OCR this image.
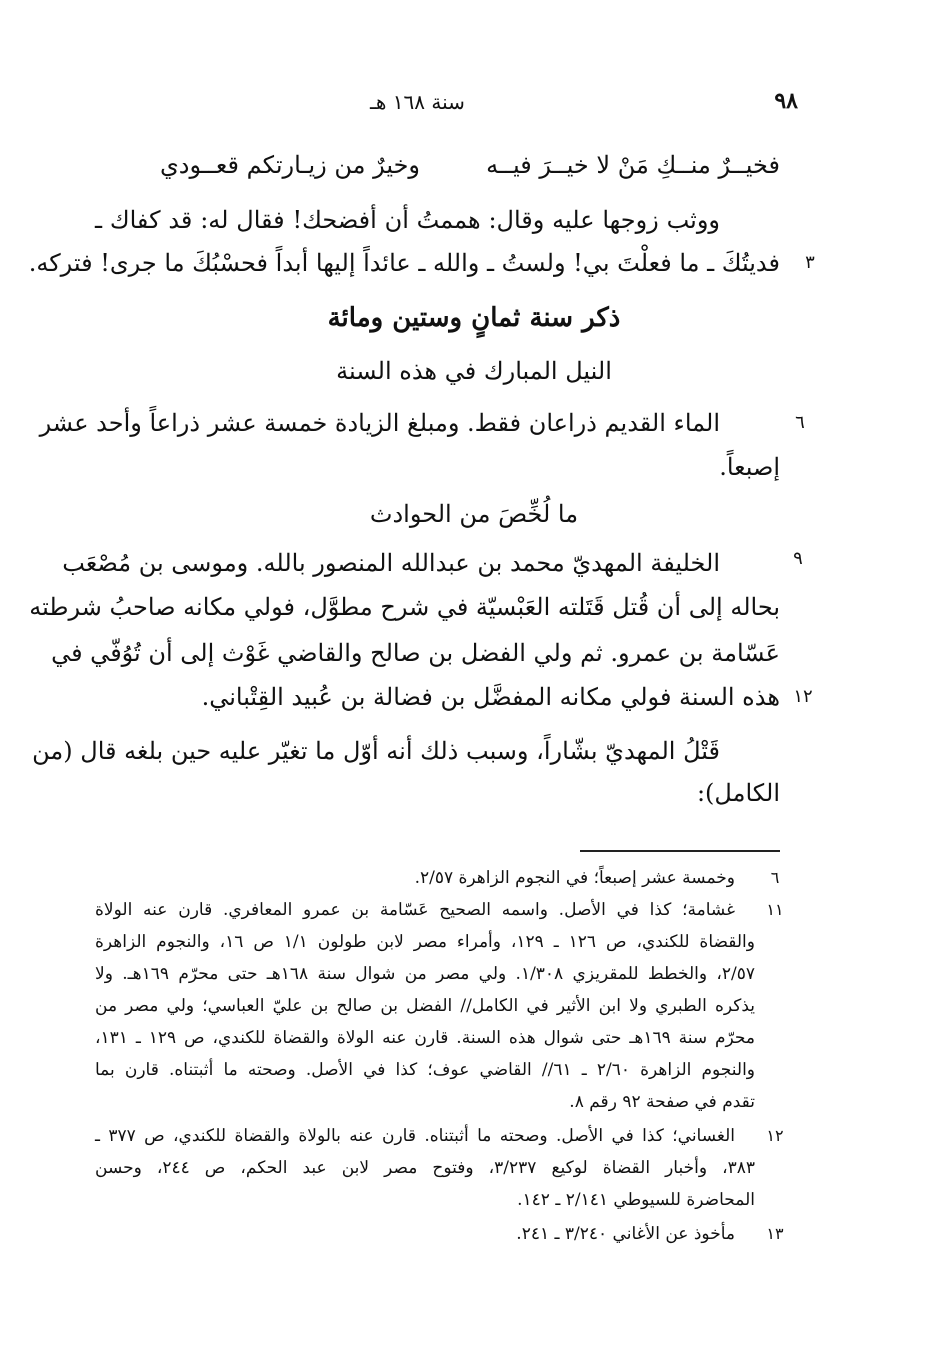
٩٨
سنة ١٦٨ هـ
وخيرٌ من زيـارتكم قعــودي	فخيــرٌ منــكِ مَنْ لا خيــرَ فيــه
ووثب زوجها عليه وقال: هممتُ أن أفضحك! فقال له: قد كفاك ـ
فديتُكَ ـ ما فعلْتَ بي! ولستُ ـ والله ـ عائداً إليها أبداً فحسْبُكَ ما جرى! فتركه.	٣
ذكر سنة ثمانٍ وستين ومائة
النيل المبارك في هذه السنة
الماء القديم ذراعان فقط. ومبلغ الزيادة خمسة عشر ذراعاً وأحد عشر	٦
إصبعاً.
ما لُخِّصَ من الحوادث
الخليفة المهديّ محمد بن عبدالله المنصور بالله. وموسى بن مُصْعَب	٩
بحاله إلى أن قُتل قَتَلته العَبْسيّة في شرح مطوَّل، فولي مكانه صاحبُ شرطته
عَسّامة بن عمرو. ثم ولي الفضل بن صالح والقاضي غَوْث إلى أن تُوُفّي في
هذه السنة فولي مكانه المفضَّل بن فضالة بن عُبيد القِتْباني. ١٢
قَتْلُ المهديّ بشّاراً، وسبب ذلك أنه أوّل ما تغيّر عليه حين بلغه قال (من
الكامل):
٦
وخمسة عشر إصبعاً؛ في النجوم الزاهرة ٢/٥٧.
١١
غشامة؛ كذا في الأصل. واسمه الصحيح عَسّامة بن عمرو المعافري. قارن عنه الولاة
والقضاة للكندي، ص ١٢٦ ـ ١٢٩، وأمراء مصر لابن طولون ١/١ ص ١٦، والنجوم الزاهرة
٢/٥٧، والخطط للمقريزي ١/٣٠٨. ولي مصر من شوال سنة ١٦٨هـ حتى محرّم ١٦٩هـ. ولا
يذكره الطبري ولا ابن الأثير في الكامل// الفضل بن صالح بن عليّ العباسي؛ ولي مصر من
محرّم سنة ١٦٩هـ حتى شوال هذه السنة. قارن عنه الولاة والقضاة للكندي، ص ١٢٩ ـ ١٣١،
والنجوم الزاهرة ٢/٦٠ ـ ٦١// القاضي عوف؛ كذا في الأصل. وصحته ما أثبتناه. قارن بما
تقدم في صفحة ٩٢ رقم ٨.
١٢
الغساني؛ كذا في الأصل. وصحته ما أثبتناه. قارن عنه بالولاة والقضاة للكندي، ص ٣٧٧ ـ
٣٨٣، وأخبار القضاة لوكيع ٣/٢٣٧، وفتوح مصر لابن عبد الحكم، ص ٢٤٤، وحسن
المحاضرة للسيوطي ٢/١٤١ ـ ١٤٢.
١٣
مأخوذ عن الأغاني ٣/٢٤٠ ـ ٢٤١.
